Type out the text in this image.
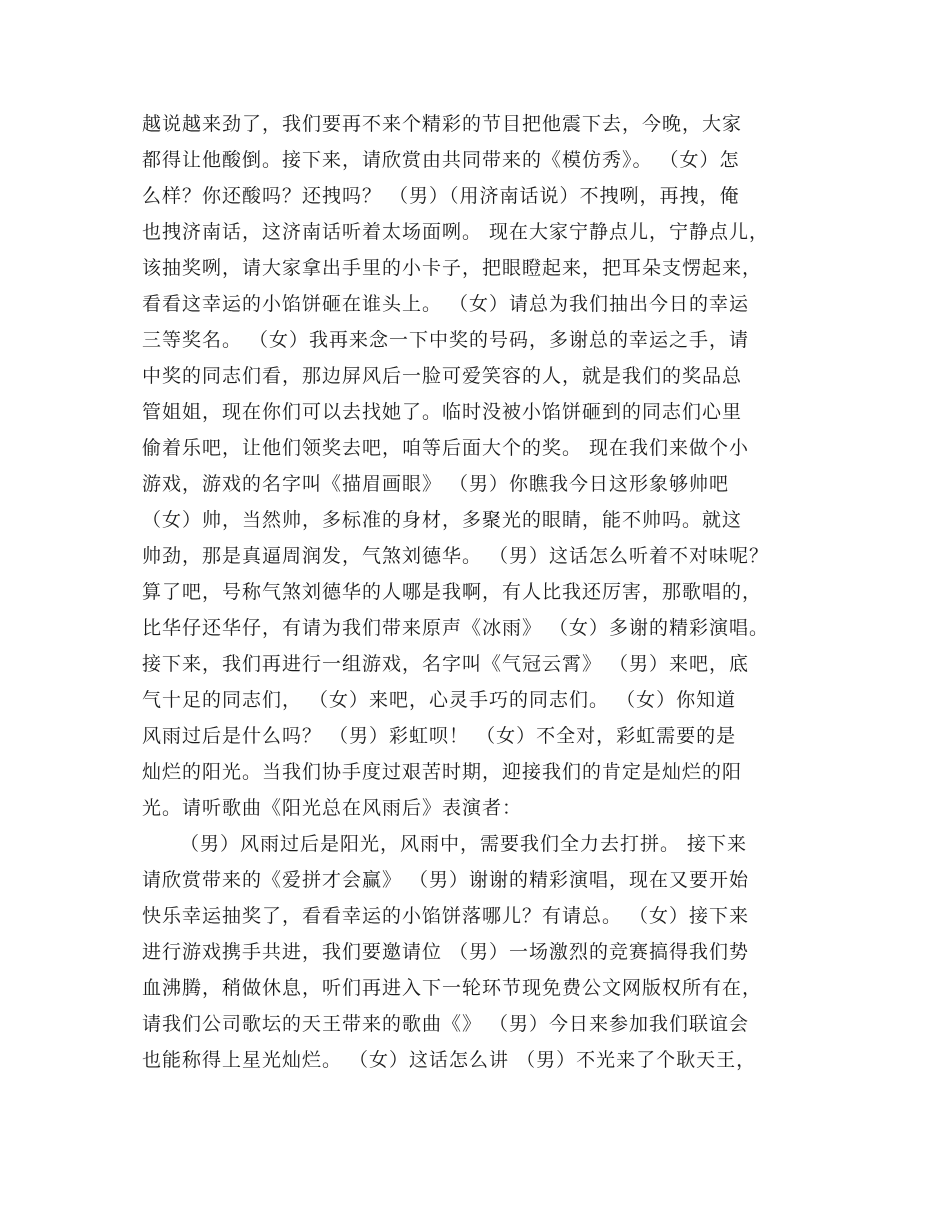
越说越来劲了，我们要再不来个精彩的节目把他震下去，今晚，大家
都得让他酸倒。接下来，请欣赏由共同带来的《模仿秀》。 （女）怎
么样？你还酸吗？还拽吗？ （男）（用济南话说）不拽咧，再拽，俺
也拽济南话，这济南话听着太场面咧。 现在大家宁静点儿，宁静点儿，
该抽奖咧，请大家拿出手里的小卡子，把眼瞪起来，把耳朵支愣起来，
看看这幸运的小馅饼砸在谁头上。 （女）请总为我们抽出今日的幸运
三等奖名。 （女）我再来念一下中奖的号码，多谢总的幸运之手，请
中奖的同志们看，那边屏风后一脸可爱笑容的人，就是我们的奖品总
管姐姐，现在你们可以去找她了。临时没被小馅饼砸到的同志们心里
偷着乐吧，让他们领奖去吧，咱等后面大个的奖。 现在我们来做个小
游戏，游戏的名字叫《描眉画眼》 （男）你瞧我今日这形象够帅吧
（女）帅，当然帅，多标准的身材，多聚光的眼睛，能不帅吗。就这
帅劲，那是真逼周润发，气煞刘德华。 （男）这话怎么听着不对味呢？
算了吧，号称气煞刘德华的人哪是我啊，有人比我还厉害，那歌唱的，
比华仔还华仔，有请为我们带来原声《冰雨》 （女）多谢的精彩演唱。
接下来，我们再进行一组游戏，名字叫《气冠云霄》 （男）来吧，底
气十足的同志们， （女）来吧，心灵手巧的同志们。 （女）你知道
风雨过后是什么吗？ （男）彩虹呗！ （女）不全对，彩虹需要的是
灿烂的阳光。当我们协手度过艰苦时期，迎接我们的肯定是灿烂的阳
光。请听歌曲《阳光总在风雨后》表演者：
（男）风雨过后是阳光，风雨中，需要我们全力去打拼。 接下来
请欣赏带来的《爱拼才会赢》 （男）谢谢的精彩演唱，现在又要开始
快乐幸运抽奖了，看看幸运的小馅饼落哪儿？有请总。 （女）接下来
进行游戏携手共进，我们要邀请位 （男）一场激烈的竞赛搞得我们势
血沸腾，稍做休息，听们再进入下一轮环节现免费公文网版权所有在，
请我们公司歌坛的天王带来的歌曲《》 （男）今日来参加我们联谊会
也能称得上星光灿烂。 （女）这话怎么讲 （男）不光来了个耿天王，
